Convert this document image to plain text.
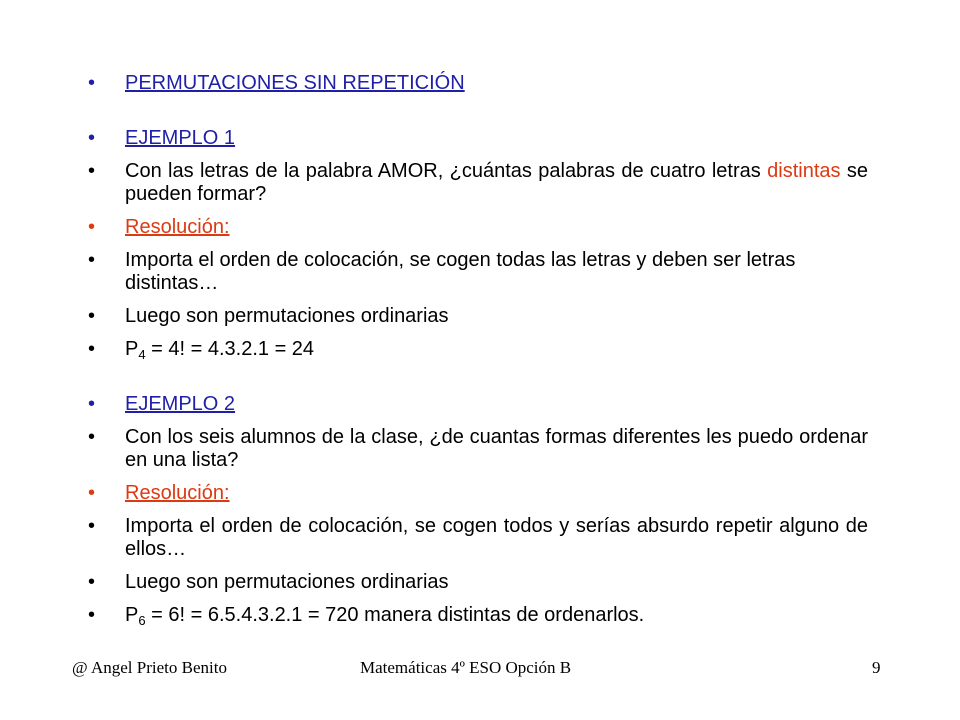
•	PERMUTACIONES SIN REPETICIÓN
•	EJEMPLO 1
•	Con las letras de la palabra AMOR, ¿cuántas palabras de cuatro letras distintas se pueden formar?
•	Resolución:
•	Importa el orden de colocación, se cogen todas las letras y deben ser letras distintas…
•	Luego son permutaciones ordinarias
•	$P_4 = 4$! = 4.3.2.1 = 24
•	EJEMPLO 2
•	Con los seis alumnos de la clase, ¿de cuantas formas diferentes les puedo ordenar en una lista?
•	Resolución:
•	Importa el orden de colocación, se cogen todos y serías absurdo repetir alguno de ellos…
•	Luego son permutaciones ordinarias
•	$P_6 = 6$! = 6.5.4.3.2.1 = 720 manera distintas de ordenarlos.
@ Angel Prieto Benito	Matemáticas 4º ESO Opción B	9
